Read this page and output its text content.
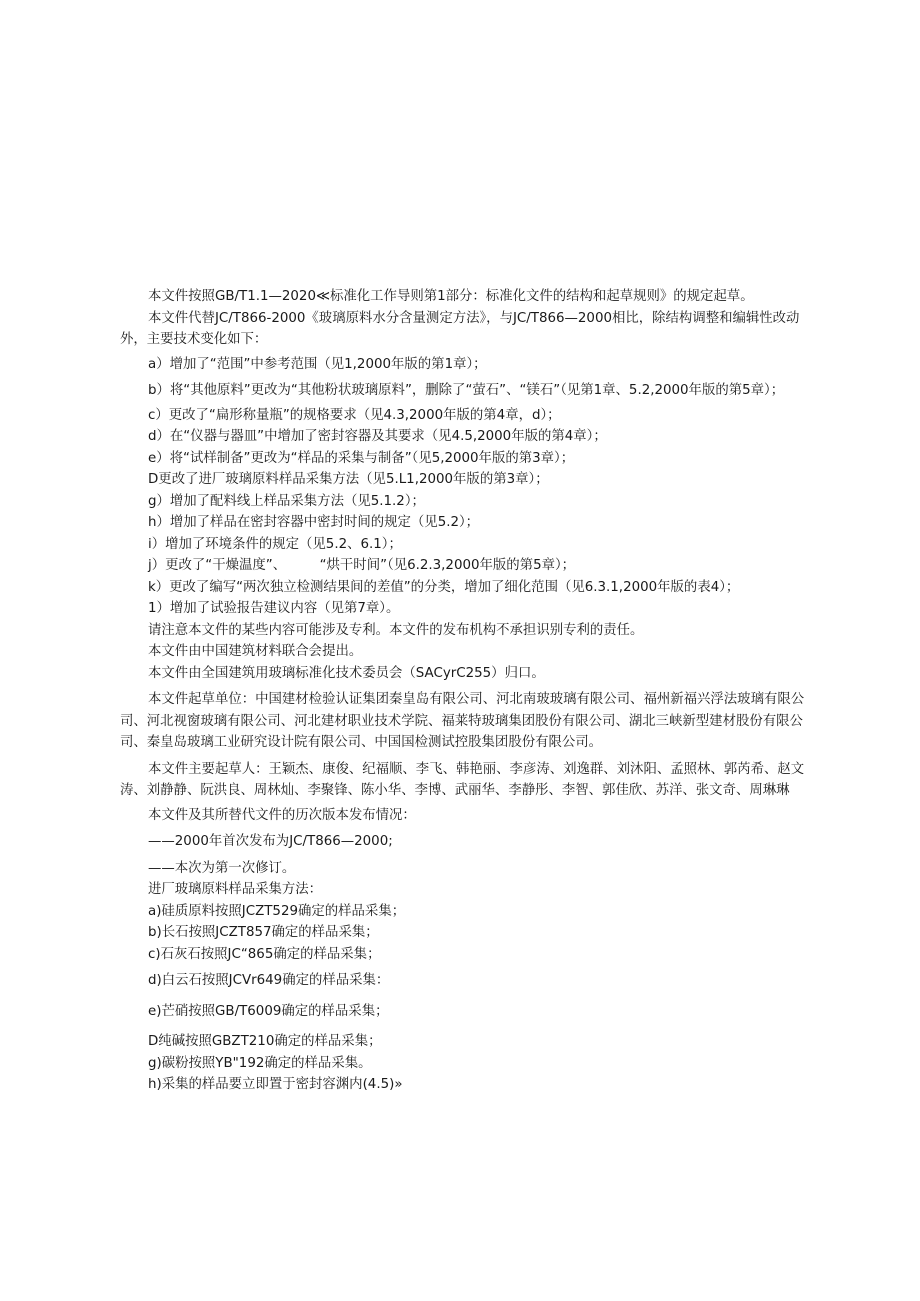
本文件按照GB/T1.1—2020≪标准化工作导则第1部分：标准化文件的结构和起草规则》的规定起草。

本文件代替JC/T866-2000《玻璃原料水分含量测定方法》，与JC/T866—2000相比，除结构调整和编辑性改动外，主要技术变化如下：

a）增加了“范围”中参考范围（见1,2000年版的第1章）；

b）将“其他原料”更改为“其他粉状玻璃原料”，删除了“萤石”、“镁石”（见第1章、5.2,2000年版的第5章）；

c）更改了“扁形称量瓶”的规格要求（见4.3,2000年版的第4章，d）；

d）在“仪器与器皿”中增加了密封容器及其要求（见4.5,2000年版的第4章）；

e）将“试样制备”更改为“样品的采集与制备”（见5,2000年版的第3章）；

D更改了进厂玻璃原料样品采集方法（见5.L1,2000年版的第3章）；

g）增加了配料线上样品采集方法（见5.1.2）；

h）增加了样品在密封容器中密封时间的规定（见5.2）；

i）增加了环境条件的规定（见5.2、6.1）；

j）更改了“干燥温度”、　　　“烘干时间”（见6.2.3,2000年版的第5章）；

k）更改了编写“两次独立检测结果间的差值”的分类，增加了细化范围（见6.3.1,2000年版的表4）；

1）增加了试验报告建议内容（见第7章）。

请注意本文件的某些内容可能涉及专利。本文件的发布机构不承担识别专利的责任。

本文件由中国建筑材料联合会提出。

本文件由全国建筑用玻璃标准化技术委员会（SACyrC255）归口。

本文件起草单位：中国建材检验认证集团秦皇岛有限公司、河北南玻玻璃有限公司、福州新福兴浮法玻璃有限公司、河北视窗玻璃有限公司、河北建材职业技术学院、福莱特玻璃集团股份有限公司、湖北三峡新型建材股份有限公司、秦皇岛玻璃工业研究设计院有限公司、中国国检测试控股集团股份有限公司。

本文件主要起草人：王颖杰、康俊、纪福顺、李飞、韩艳丽、李彦涛、刘逸群、刘沐阳、孟照林、郭芮希、赵文涛、刘静静、阮洪良、周林灿、李聚锋、陈小华、李博、武丽华、李静彤、李智、郭佳欣、苏洋、张文奇、周琳琳

本文件及其所替代文件的历次版本发布情况：

——2000年首次发布为JC/T866—2000;

——本次为第一次修订。

进厂玻璃原料样品采集方法：

a)硅质原料按照JCZT529确定的样品采集；

b)长石按照JCZT857确定的样品采集；

c)石灰石按照JC“865确定的样品采集；

d)白云石按照JCVr649确定的样品采集：

e)芒硝按照GB/T6009确定的样品采集；

D纯碱按照GBZT210确定的样品采集；

g)碳粉按照YB"192确定的样品采集。

h)采集的样品要立即置于密封容渊内(4.5)»
